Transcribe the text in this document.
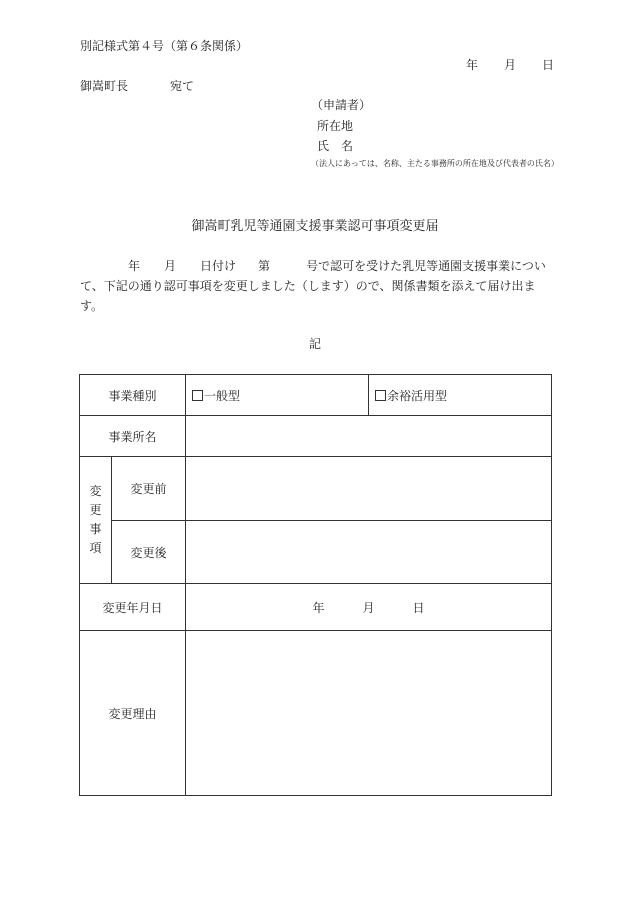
別記様式第４号（第６条関係）
年 月 日
御嵩町長	宛て
（申請者）
所在地
氏　名
（法人にあっては、名称、主たる事務所の所在地及び代表者の氏名）
御嵩町乳児等通園支援事業認可事項変更届
年 月 日付け 第	号で認可を受けた乳児等通園支援事業について、下記の通り認可事項を変更しました（します）ので、関係書類を添えて届け出ます。
記
事業種別		一般型	余裕活用型
事業所名			

変
更
事
項	変更前		
	変更後		
変更年月日		年 月 日	
変更理由			
